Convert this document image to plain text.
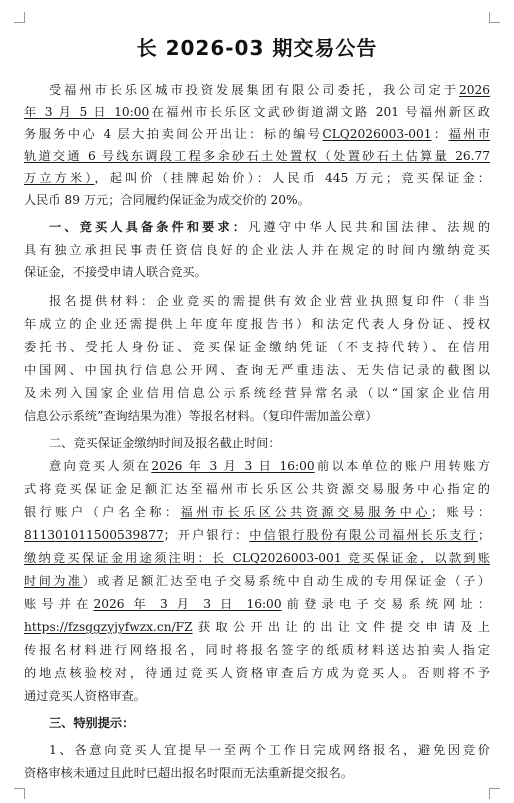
长 2026-03 期交易公告
受福州市长乐区城市投资发展集团有限公司委托，我公司定于2026
年 3 月 5 日 10:00在福州市长乐区文武砂街道湖文路 201 号福州新区政
务服务中心 4 层大拍卖间公开出让：标的编号CLQ2026003-001：福州市
轨道交通 6 号线东调段工程多余砂石土处置权（处置砂石土估算量 26.77
万立方米），起叫价（挂牌起始价）：人民币 445 万元；竞买保证金：
人民币 89 万元；合同履约保证金为成交价的 20%。
一、竞买人具备条件和要求：凡遵守中华人民共和国法律、法规的
具有独立承担民事责任资信良好的企业法人并在规定的时间内缴纳竞买
保证金，不接受申请人联合竞买。
报名提供材料：企业竞买的需提供有效企业营业执照复印件（非当
年成立的企业还需提供上年度年度报告书）和法定代表人身份证、授权
委托书、受托人身份证、竞买保证金缴纳凭证（不支持代转）、在信用
中国网、中国执行信息公开网、查询无严重违法、无失信记录的截图以
及未列入国家企业信用信息公示系统经营异常名录（以“国家企业信用
信息公示系统”查询结果为准）等报名材料。（复印件需加盖公章）
二、竞买保证金缴纳时间及报名截止时间：
意向竞买人须在2026 年 3 月 3 日 16:00前以本单位的账户用转账方
式将竞买保证金足额汇达至福州市长乐区公共资源交易服务中心指定的
银行账户（户名全称：福州市长乐区公共资源交易服务中心；账号：
811301011500539877；开户银行：中信银行股份有限公司福州长乐支行；
缴纳竞买保证金用途须注明：长 CLQ2026003-001 竞买保证金，以款到账
时间为准）或者足额汇达至电子交易系统中自动生成的专用保证金（子）
账号并在2026 年 3 月 3 日 16:00前登录电子交易系统网址：
https://fzsggzyjyfwzx.cn/FZ获取公开出让的出让文件提交申请及上
传报名材料进行网络报名，同时将报名签字的纸质材料送达拍卖人指定
的地点核验校对，待通过竞买人资格审查后方成为竞买人。否则将不予
通过竞买人资格审查。
三、特别提示：
1、各意向竞买人宜提早一至两个工作日完成网络报名，避免因竞价
资格审核未通过且此时已超出报名时限而无法重新提交报名。
